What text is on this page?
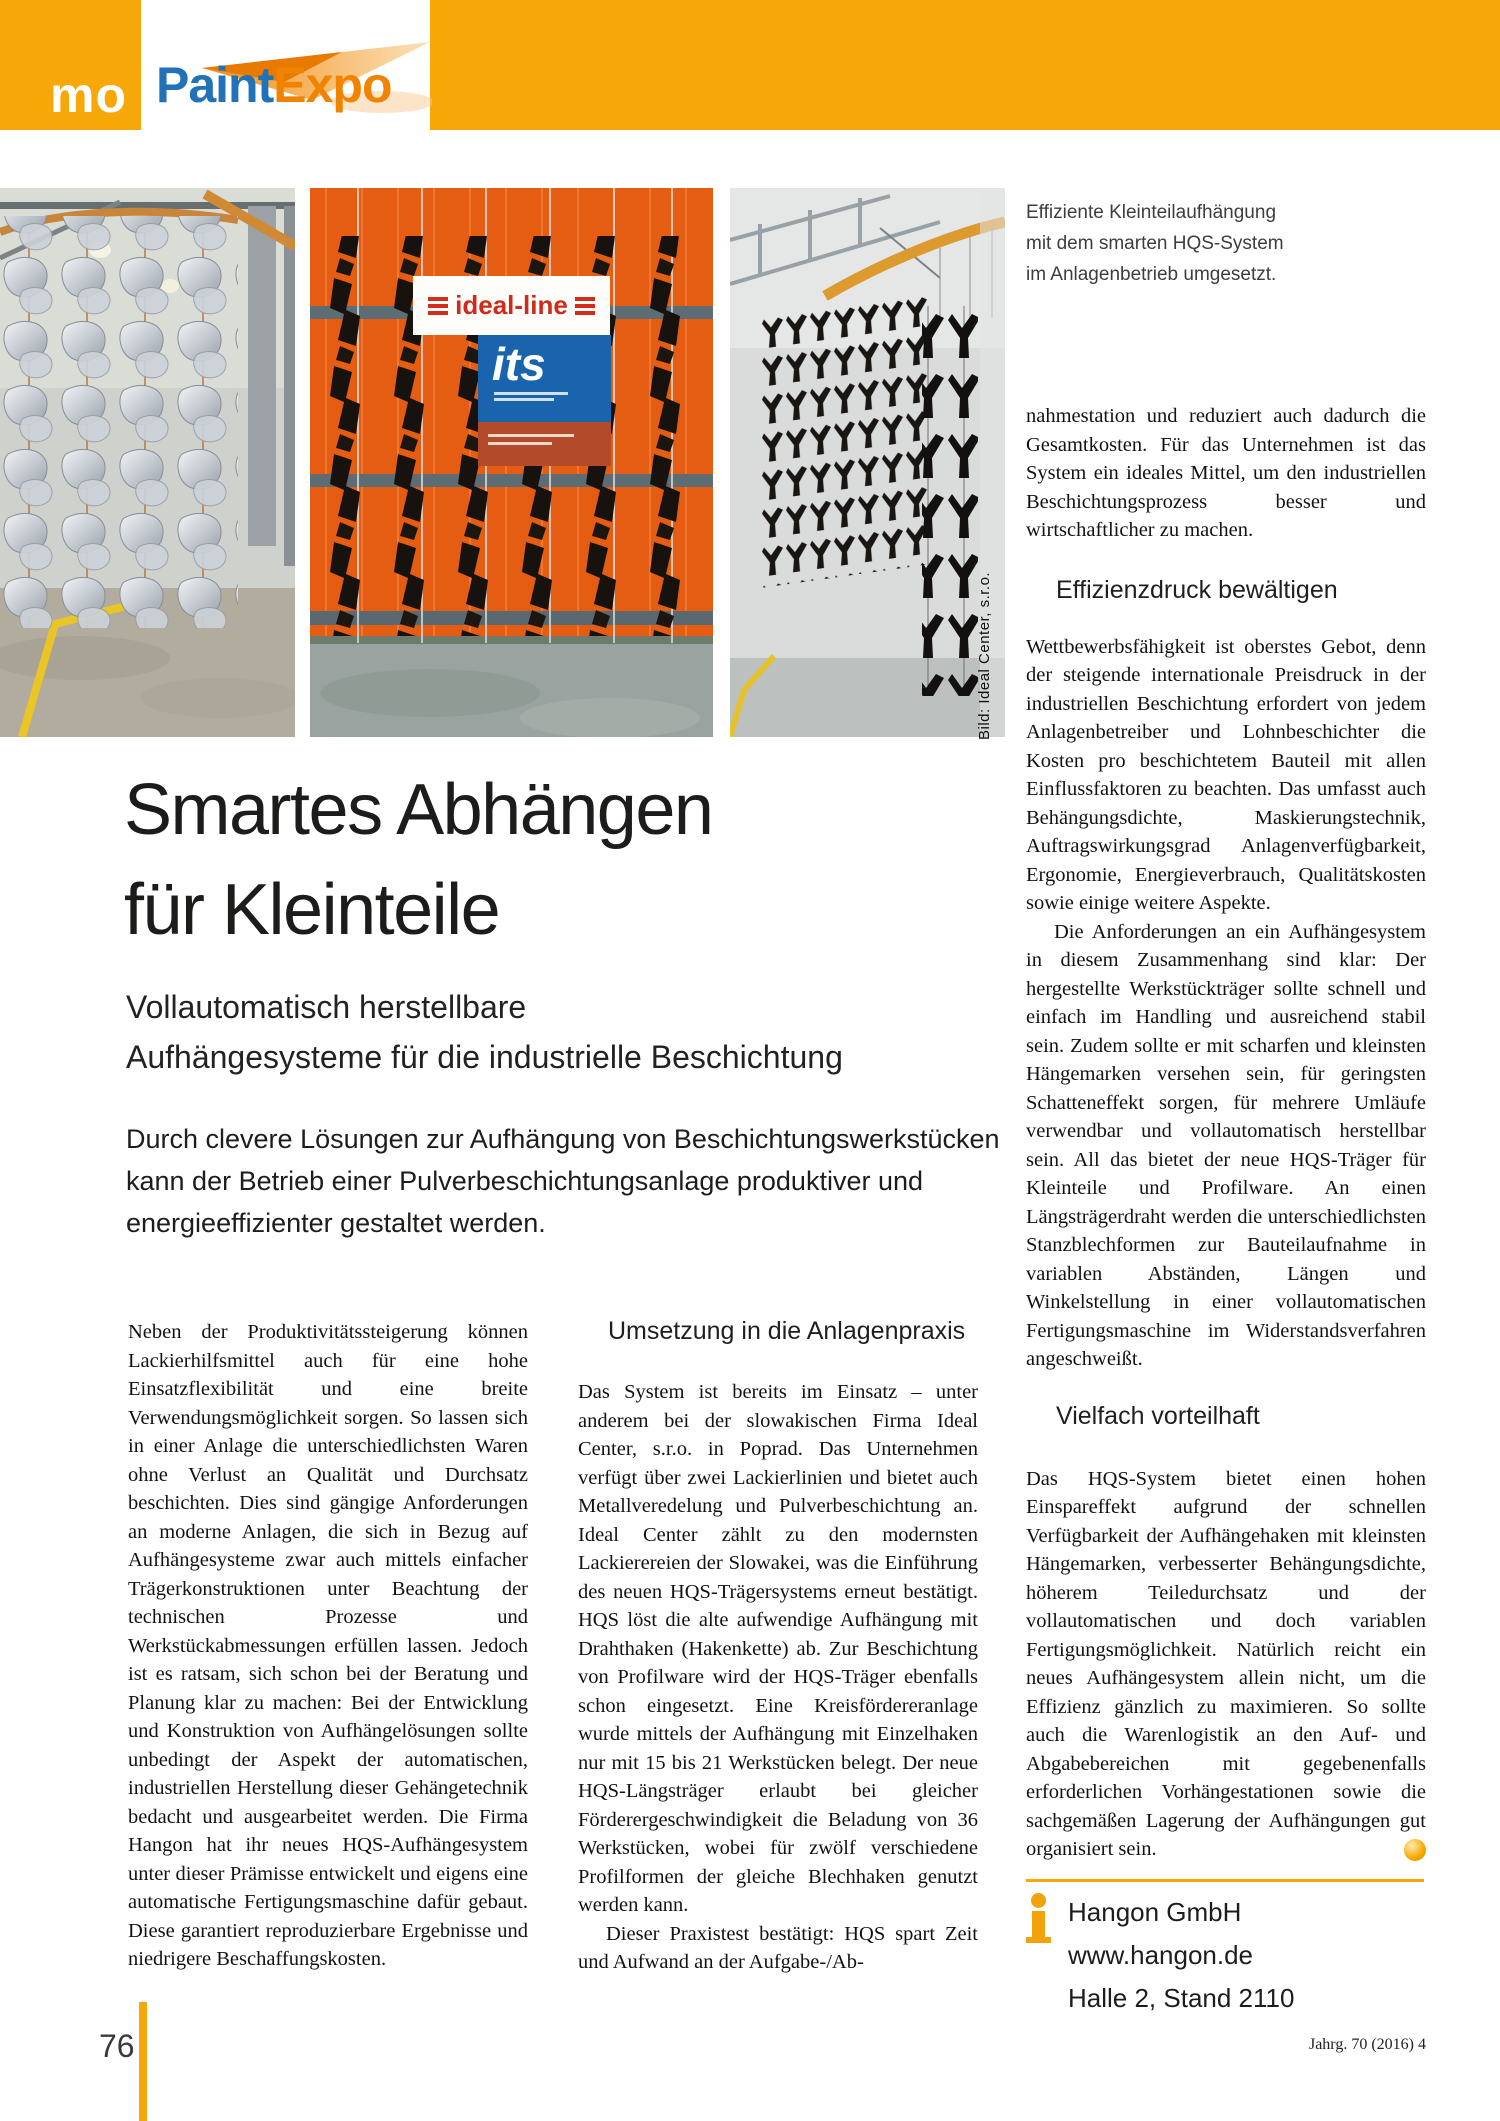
mo PaintExpo
ideal-line
its
Bild: Ideal Center, s.r.o.
Effiziente Kleinteilaufhängung
mit dem smarten HQS-System
im Anlagenbetrieb umgesetzt.
Smartes Abhängen
für Kleinteile
Vollautomatisch herstellbare
Aufhängesysteme für die industrielle Beschichtung
Durch clevere Lösungen zur Aufhängung von Beschichtungswerkstücken kann der Betrieb einer Pulverbeschichtungsanlage produktiver und energieeffizienter gestaltet werden.

Neben der Produktivitätssteigerung können Lackierhilfsmittel auch für eine hohe Einsatzflexibilität und eine breite Verwendungsmöglichkeit sorgen. So lassen sich in einer Anlage die unterschiedlichsten Waren ohne Verlust an Qualität und Durchsatz beschichten. Dies sind gängige Anforderungen an moderne Anlagen, die sich in Bezug auf Aufhängesysteme zwar auch mittels einfacher Trägerkonstruktionen unter Beachtung der technischen Prozesse und Werkstückabmessungen erfüllen lassen. Jedoch ist es ratsam, sich schon bei der Beratung und Planung klar zu machen: Bei der Entwicklung und Konstruktion von Aufhängelösungen sollte unbedingt der Aspekt der automatischen, industriellen Herstellung dieser Gehängetechnik bedacht und ausgearbeitet werden. Die Firma Hangon hat ihr neues HQS-Aufhängesystem unter dieser Prämisse entwickelt und eigens eine automatische Fertigungsmaschine dafür gebaut. Diese garantiert reproduzierbare Ergebnisse und niedrigere Beschaffungskosten.

Umsetzung in die Anlagenpraxis

Das System ist bereits im Einsatz – unter anderem bei der slowakischen Firma Ideal Center, s.r.o. in Poprad. Das Unternehmen verfügt über zwei Lackierlinien und bietet auch Metallveredelung und Pulverbeschichtung an. Ideal Center zählt zu den modernsten Lackierereien der Slowakei, was die Einführung des neuen HQS-Trägersystems erneut bestätigt. HQS löst die alte aufwendige Aufhängung mit Drahthaken (Hakenkette) ab. Zur Beschichtung von Profilware wird der HQS-Träger ebenfalls schon eingesetzt. Eine Kreisfördereranlage wurde mittels der Aufhängung mit Einzelhaken nur mit 15 bis 21 Werkstücken belegt. Der neue HQS-Längsträger erlaubt bei gleicher Förderergeschwindigkeit die Beladung von 36 Werkstücken, wobei für zwölf verschiedene Profilformen der gleiche Blechhaken genutzt werden kann.

Dieser Praxistest bestätigt: HQS spart Zeit und Aufwand an der Aufgabe-/Ab-

nahmestation und reduziert auch dadurch die Gesamtkosten. Für das Unternehmen ist das System ein ideales Mittel, um den industriellen Beschichtungsprozess besser und wirtschaftlicher zu machen.

Effizienzdruck bewältigen

Wettbewerbsfähigkeit ist oberstes Gebot, denn der steigende internationale Preisdruck in der industriellen Beschichtung erfordert von jedem Anlagenbetreiber und Lohnbeschichter die Kosten pro beschichtetem Bauteil mit allen Einflussfaktoren zu beachten. Das umfasst auch Behängungsdichte, Maskierungstechnik, Auftragswirkungsgrad Anlagenverfügbarkeit, Ergonomie, Energieverbrauch, Qualitätskosten sowie einige weitere Aspekte.

Die Anforderungen an ein Aufhängesystem in diesem Zusammenhang sind klar: Der hergestellte Werkstückträger sollte schnell und einfach im Handling und ausreichend stabil sein. Zudem sollte er mit scharfen und kleinsten Hängemarken versehen sein, für geringsten Schatteneffekt sorgen, für mehrere Umläufe verwendbar und vollautomatisch herstellbar sein. All das bietet der neue HQS-Träger für Kleinteile und Profilware. An einen Längsträgerdraht werden die unterschiedlichsten Stanzblechformen zur Bauteilaufnahme in variablen Abständen, Längen und Winkelstellung in einer vollautomatischen Fertigungsmaschine im Widerstandsverfahren angeschweißt.

Vielfach vorteilhaft

Das HQS-System bietet einen hohen Einspareffekt aufgrund der schnellen Verfügbarkeit der Aufhängehaken mit kleinsten Hängemarken, verbesserter Behängungsdichte, höherem Teiledurchsatz und der vollautomatischen und doch variablen Fertigungsmöglichkeit. Natürlich reicht ein neues Aufhängesystem allein nicht, um die Effizienz gänzlich zu maximieren. So sollte auch die Warenlogistik an den Auf- und Abgabebereichen mit gegebenenfalls erforderlichen Vorhängestationen sowie die sachgemäßen Lagerung der Aufhängungen gut organisiert sein.

Hangon GmbH
www.hangon.de
Halle 2, Stand 2110
76	Jahrg. 70 (2016) 4
